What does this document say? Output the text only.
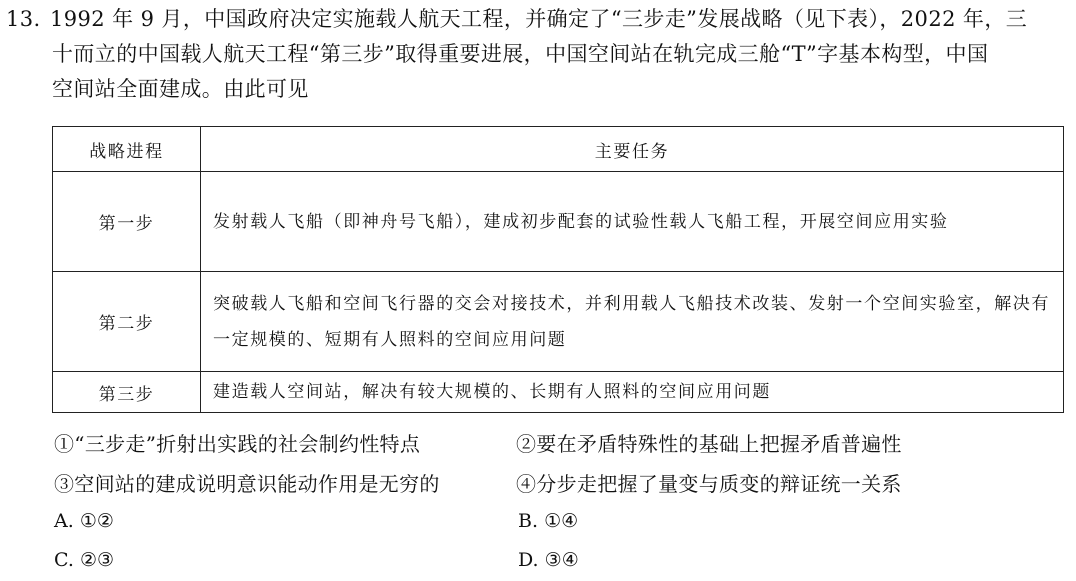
13. 1992 年 9 月，中国政府决定实施载人航天工程，并确定了“三步走”发展战略（见下表），2022 年，三
十而立的中国载人航天工程“第三步”取得重要进展，中国空间站在轨完成三舱“T”字基本构型，中国
空间站全面建成。由此可见
战略进程	主要任务
第一步	发射载人飞船（即神舟号飞船），建成初步配套的试验性载人飞船工程，开展空间应用实验
第二步	突破载人飞船和空间飞行器的交会对接技术，并利用载人飞船技术改装、发射一个空间实验室，解决有一定规模的、短期有人照料的空间应用问题
第三步	建造载人空间站，解决有较大规模的、长期有人照料的空间应用问题
①“三步走”折射出实践的社会制约性特点	②要在矛盾特殊性的基础上把握矛盾普遍性
③空间站的建成说明意识能动作用是无穷的	④分步走把握了量变与质变的辩证统一关系
A. ①②	B. ①④
C. ②③	D. ③④
